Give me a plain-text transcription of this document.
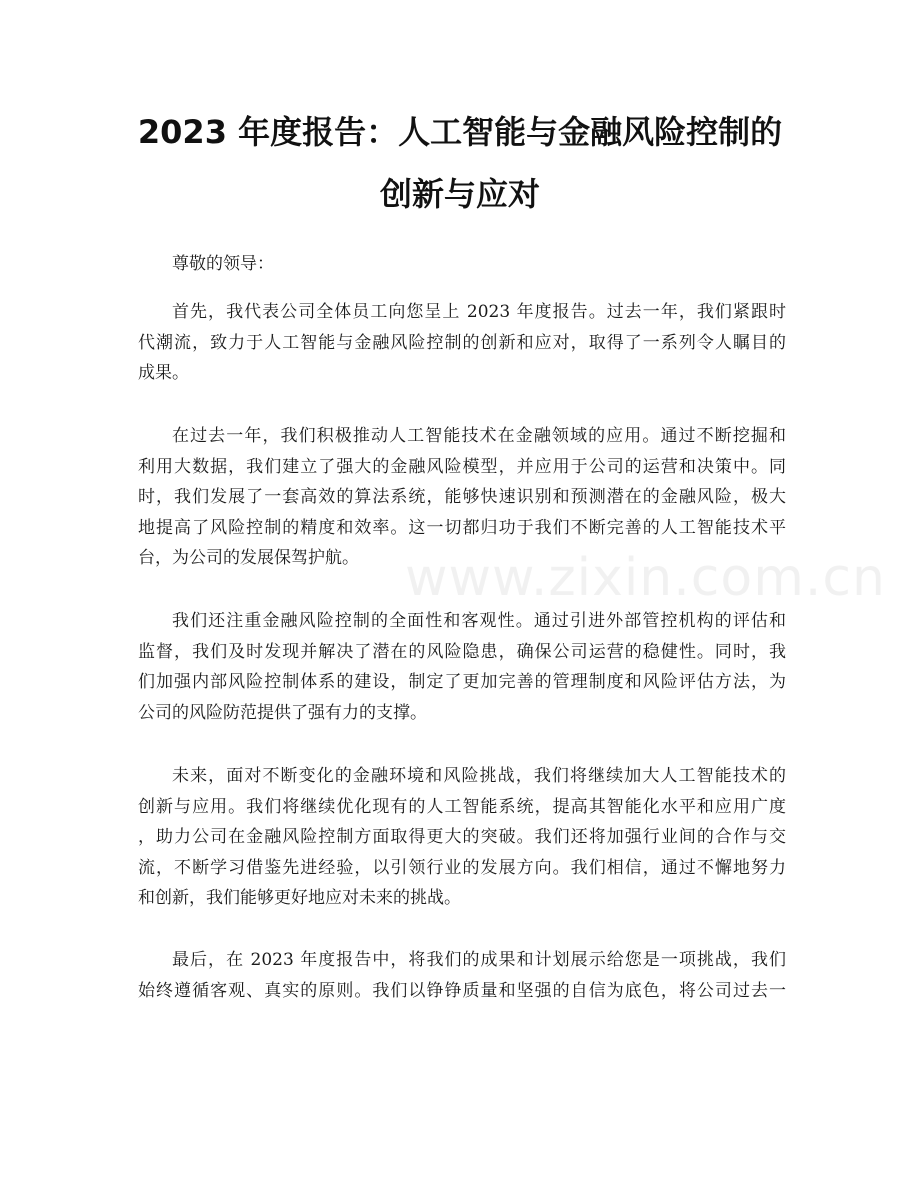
2023 年度报告：人工智能与金融风险控制的
创新与应对

尊敬的领导：

首先，我代表公司全体员工向您呈上 2023 年度报告。过去一年，我们紧跟时
代潮流，致力于人工智能与金融风险控制的创新和应对，取得了一系列令人瞩目的
成果。

在过去一年，我们积极推动人工智能技术在金融领域的应用。通过不断挖掘和
利用大数据，我们建立了强大的金融风险模型，并应用于公司的运营和决策中。同
时，我们发展了一套高效的算法系统，能够快速识别和预测潜在的金融风险，极大
地提高了风险控制的精度和效率。这一切都归功于我们不断完善的人工智能技术平
台，为公司的发展保驾护航。

我们还注重金融风险控制的全面性和客观性。通过引进外部管控机构的评估和
监督，我们及时发现并解决了潜在的风险隐患，确保公司运营的稳健性。同时，我
们加强内部风险控制体系的建设，制定了更加完善的管理制度和风险评估方法，为
公司的风险防范提供了强有力的支撑。

未来，面对不断变化的金融环境和风险挑战，我们将继续加大人工智能技术的
创新与应用。我们将继续优化现有的人工智能系统，提高其智能化水平和应用广度
，助力公司在金融风险控制方面取得更大的突破。我们还将加强行业间的合作与交
流，不断学习借鉴先进经验，以引领行业的发展方向。我们相信，通过不懈地努力
和创新，我们能够更好地应对未来的挑战。

最后，在 2023 年度报告中，将我们的成果和计划展示给您是一项挑战，我们
始终遵循客观、真实的原则。我们以铮铮质量和坚强的自信为底色，将公司过去一

www.zixin.com.cn
